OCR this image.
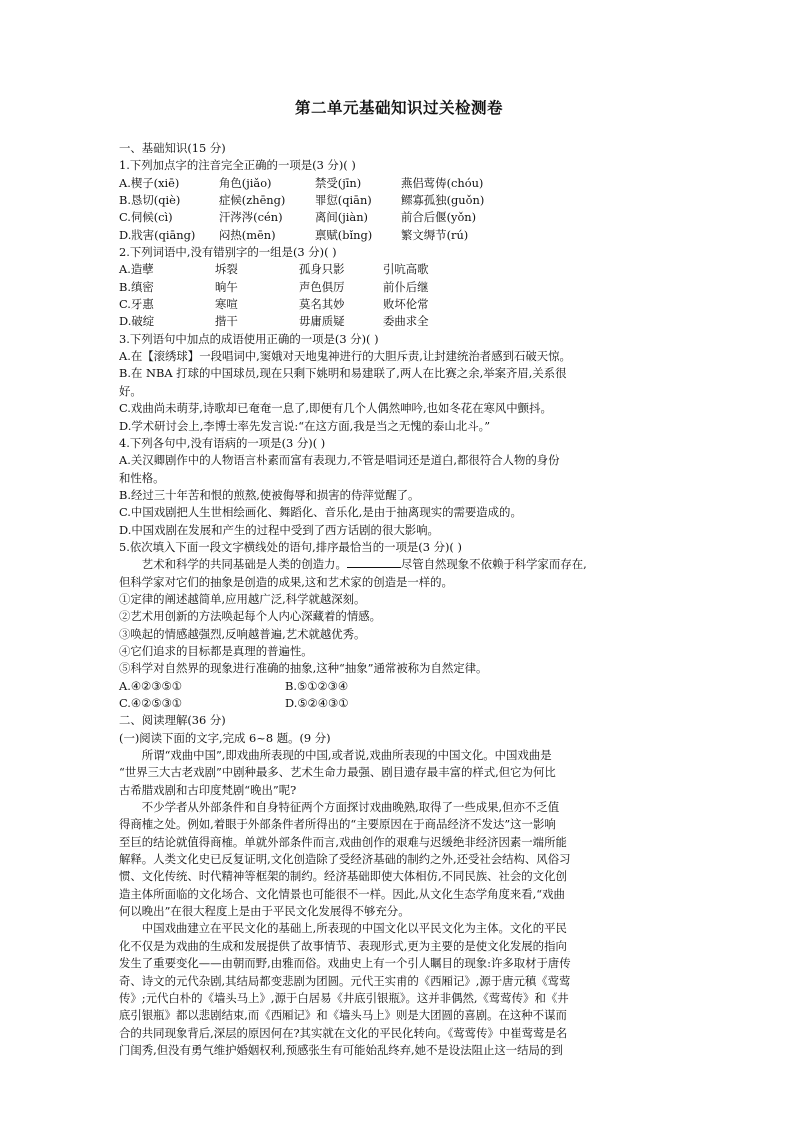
第二单元基础知识过关检测卷
一、基础知识(15 分)
1.下列加点字的注音完全正确的一项是(3 分)( )
A.楔子(xiē)	角色(jiǎo)	禁受(jīn)	燕侣莺俦(chóu)
B.恳切(qiè)	症候(zhēng)	罪愆(qiān)	鳏寡孤独(guǒn)
C.伺候(cì)	汗涔涔(cén)	离间(jiàn)	前合后偃(yǒn)
D.戕害(qiāng)	闷热(mēn)	禀赋(bǐng)	繁文缛节(rú)
2.下列词语中,没有错别字的一组是(3 分)( )
A.造孽	坼裂	孤身只影	引吭高歌
B.缜密	晌午	声色俱厉	前仆后继
C.牙惠	寒喧	莫名其妙	败坏伦常
D.破绽	揩干	毋庸质疑	委曲求全
3.下列语句中加点的成语使用正确的一项是(3 分)( )
A.在【滚绣球】一段唱词中,窦娥对天地鬼神进行的大胆斥责,让封建统治者感到石破天惊。
B.在 NBA 打球的中国球员,现在只剩下姚明和易建联了,两人在比赛之余,举案齐眉,关系很
好。
C.戏曲尚未萌芽,诗歌却已奄奄一息了,即便有几个人偶然呻吟,也如冬花在寒风中颤抖。
D.学术研讨会上,李博士率先发言说:“在这方面,我是当之无愧的泰山北斗。”
4.下列各句中,没有语病的一项是(3 分)( )
A.关汉卿剧作中的人物语言朴素而富有表现力,不管是唱词还是道白,都很符合人物的身份
和性格。
B.经过三十年苦和恨的煎熬,使被侮辱和损害的侍萍觉醒了。
C.中国戏剧把人生世相绘画化、舞蹈化、音乐化,是由于抽离现实的需要造成的。
D.中国戏剧在发展和产生的过程中受到了西方话剧的很大影响。
5.依次填入下面一段文字横线处的语句,排序最恰当的一项是(3 分)( )
艺术和科学的共同基础是人类的创造力。	尽管自然现象不依赖于科学家而存在,
但科学家对它们的抽象是创造的成果,这和艺术家的创造是一样的。
①定律的阐述越简单,应用越广泛,科学就越深刻。
②艺术用创新的方法唤起每个人内心深藏着的情感。
③唤起的情感越强烈,反响越普遍,艺术就越优秀。
④它们追求的目标都是真理的普遍性。
⑤科学对自然界的现象进行准确的抽象,这种“抽象”通常被称为自然定律。
A.④②③⑤①	B.⑤①②③④
C.④②⑤③①	D.⑤②④③①
二、阅读理解(36 分)
(一)阅读下面的文字,完成 6~8 题。(9 分)
所谓“戏曲中国”,即戏曲所表现的中国,或者说,戏曲所表现的中国文化。中国戏曲是
“世界三大古老戏剧”中剧种最多、艺术生命力最强、剧目遗存最丰富的样式,但它为何比
古希腊戏剧和古印度梵剧“晚出”呢?
不少学者从外部条件和自身特征两个方面探讨戏曲晚熟,取得了一些成果,但亦不乏值
得商榷之处。例如,着眼于外部条件者所得出的“主要原因在于商品经济不发达”这一影响
至巨的结论就值得商榷。单就外部条件而言,戏曲创作的艰难与迟缓绝非经济因素一端所能
解释。人类文化史已反复证明,文化创造除了受经济基础的制约之外,还受社会结构、风俗习
惯、文化传统、时代精神等框架的制约。经济基础即使大体相仿,不同民族、社会的文化创
造主体所面临的文化场合、文化情景也可能很不一样。因此,从文化生态学角度来看,“戏曲
何以晚出”在很大程度上是由于平民文化发展得不够充分。
中国戏曲建立在平民文化的基础上,所表现的中国文化以平民文化为主体。文化的平民
化不仅是为戏曲的生成和发展提供了故事情节、表现形式,更为主要的是使文化发展的指向
发生了重要变化——由朝而野,由雅而俗。戏曲史上有一个引人瞩目的现象:许多取材于唐传
奇、诗文的元代杂剧,其结局都变悲剧为团圆。元代王实甫的《西厢记》,源于唐元稹《莺莺
传》;元代白朴的《墙头马上》,源于白居易《井底引银瓶》。这并非偶然,《莺莺传》和《井
底引银瓶》都以悲剧结束,而《西厢记》和《墙头马上》则是大团圆的喜剧。在这种不谋而
合的共同现象背后,深层的原因何在?其实就在文化的平民化转向。《莺莺传》中崔莺莺是名
门闺秀,但没有勇气维护婚姻权利,预感张生有可能始乱终弃,她不是设法阻止这一结局的到
